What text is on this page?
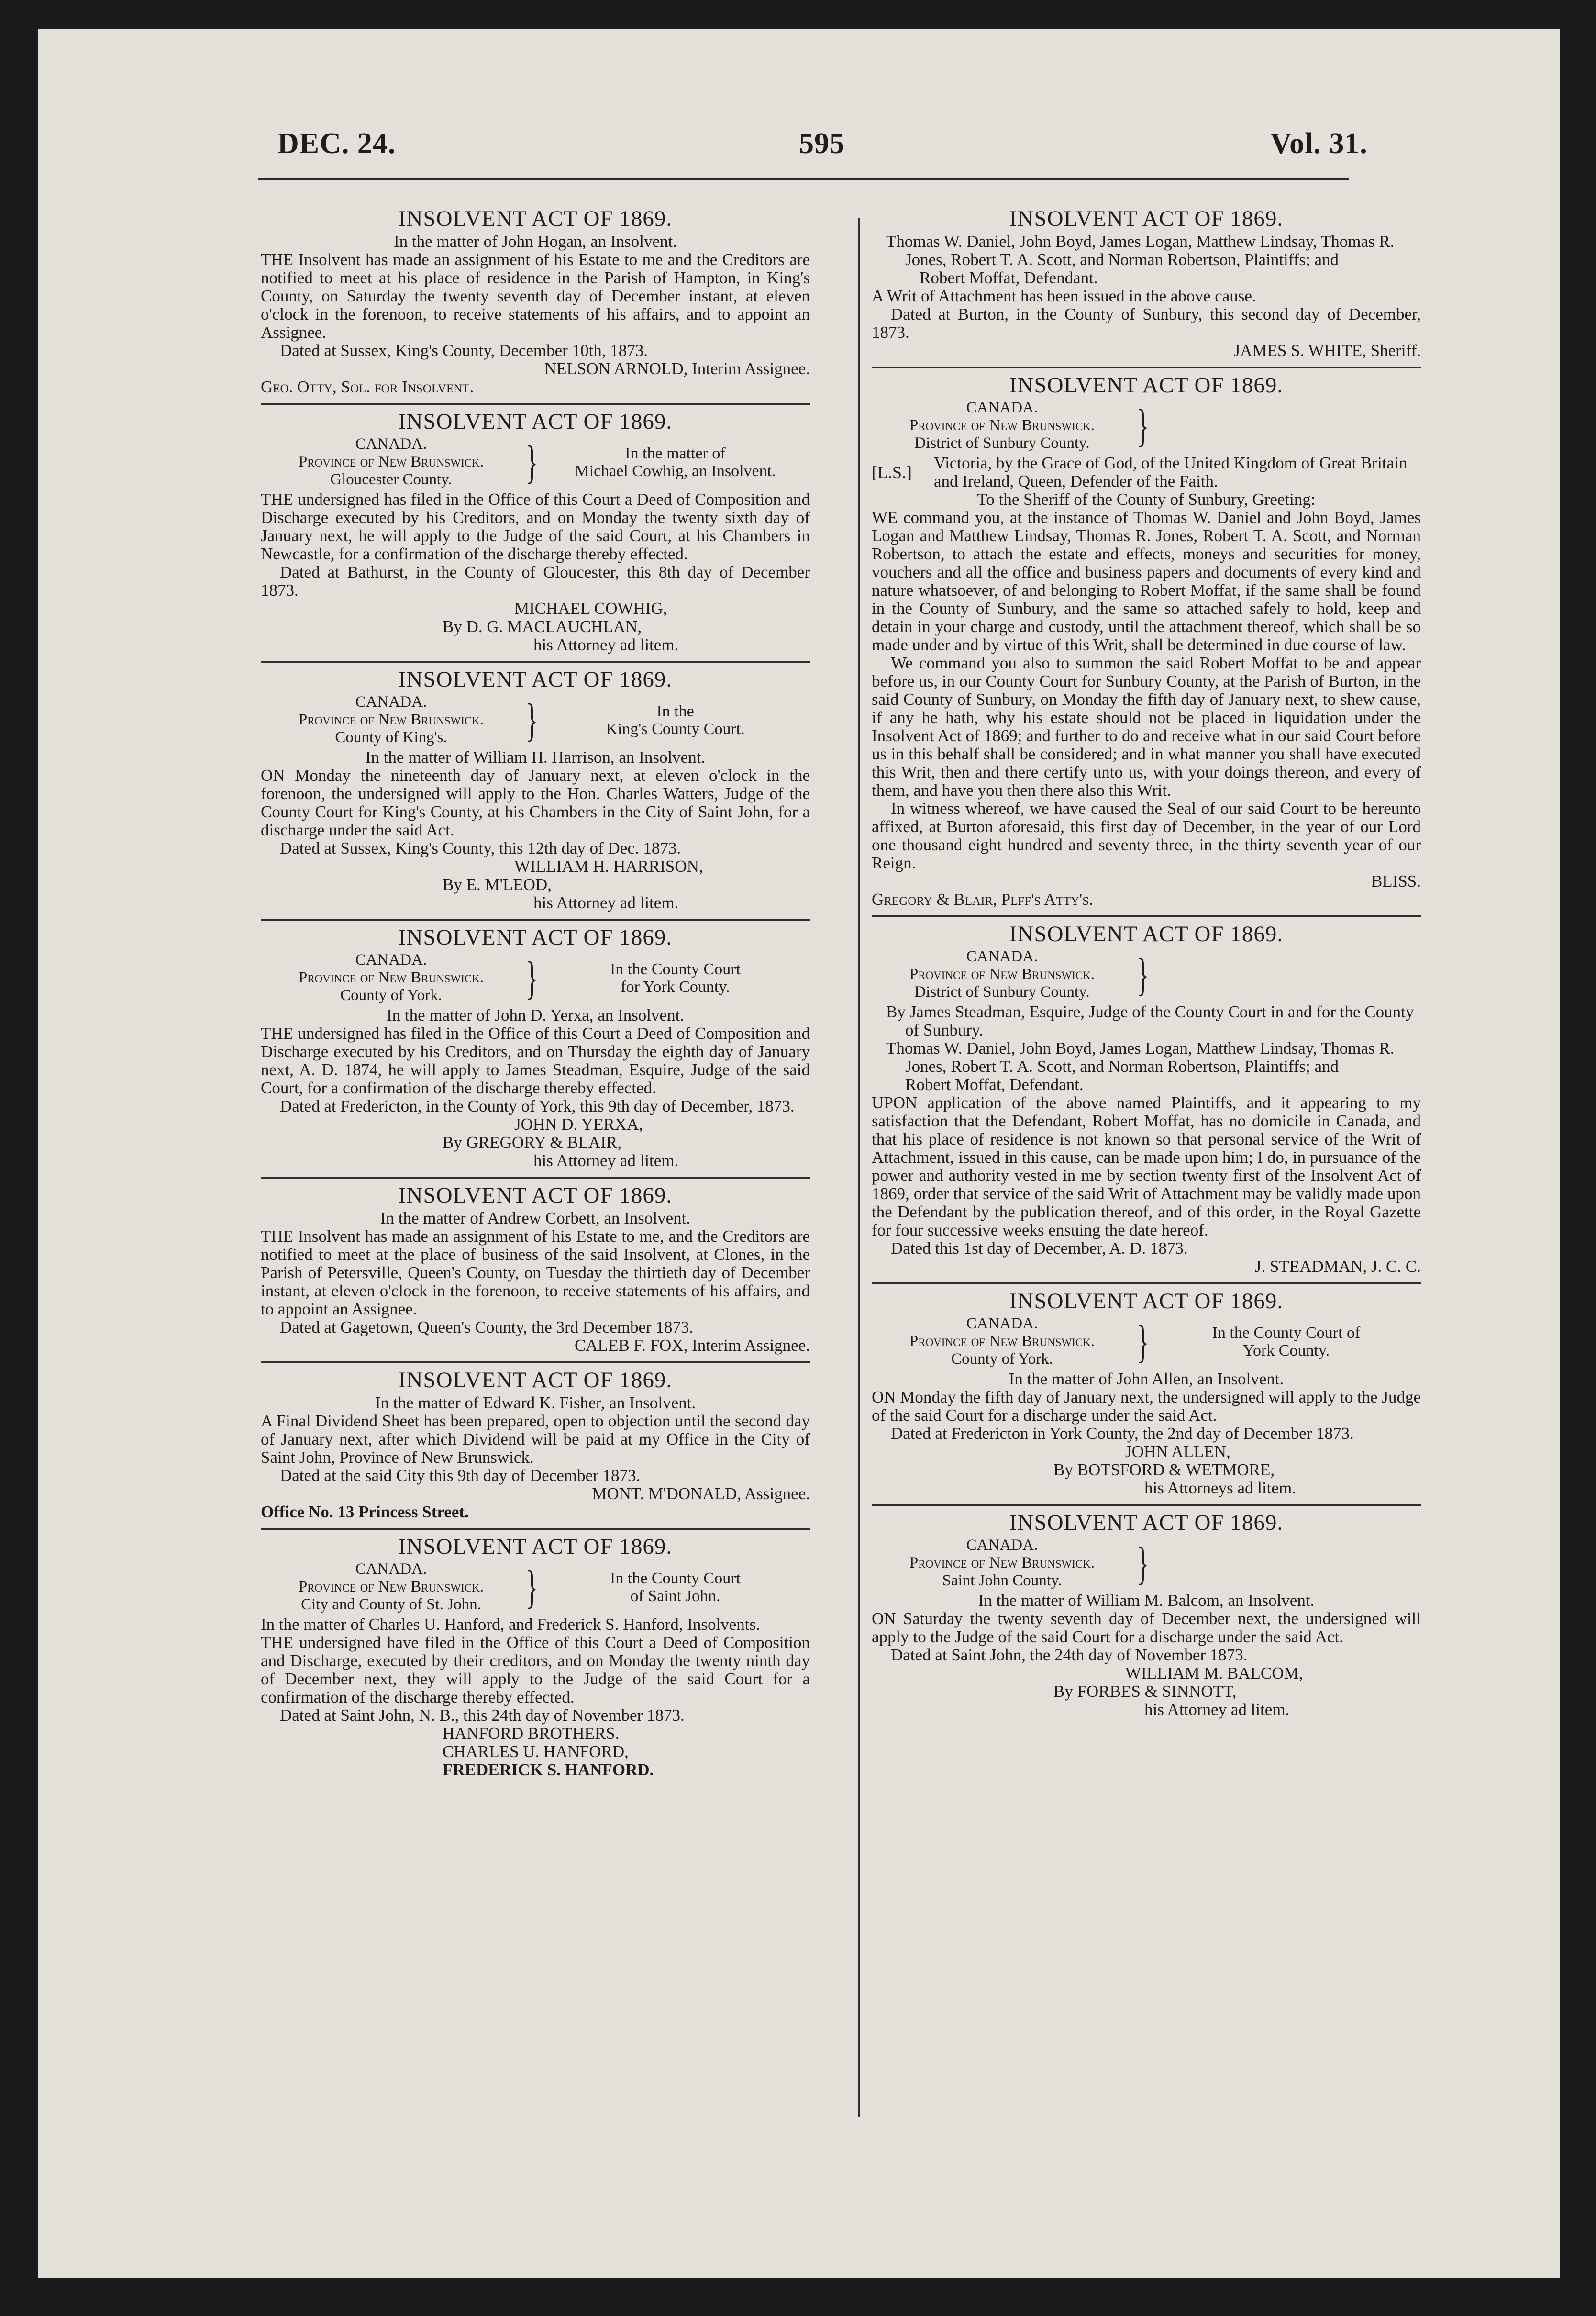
DEC. 24.	595	Vol. 31.
INSOLVENT ACT OF 1869.
In the matter of John Hogan, an Insolvent.
THE Insolvent has made an assignment of his Estate to me and the Creditors are notified to meet at his place of residence in the Parish of Hampton, in King's County, on Saturday the twenty seventh day of December instant, at eleven o'clock in the forenoon, to receive statements of his affairs, and to appoint an Assignee.
Dated at Sussex, King's County, December 10th, 1873.
NELSON ARNOLD, Interim Assignee.
Geo. Otty, Sol. for Insolvent.
INSOLVENT ACT OF 1869.
CANADA.
Province of New Brunswick.
Gloucester County.	}	In the matter of
Michael Cowhig, an Insolvent.
THE undersigned has filed in the Office of this Court a Deed of Composition and Discharge executed by his Creditors, and on Monday the twenty sixth day of January next, he will apply to the Judge of the said Court, at his Chambers in Newcastle, for a confirmation of the discharge thereby effected.
Dated at Bathurst, in the County of Gloucester, this 8th day of December 1873.
MICHAEL COWHIG,
By D. G. MACLAUCHLAN,
his Attorney ad litem.
INSOLVENT ACT OF 1869.
CANADA.
Province of New Brunswick.
County of King's.	}	In the
King's County Court.
In the matter of William H. Harrison, an Insolvent.
ON Monday the nineteenth day of January next, at eleven o'clock in the forenoon, the undersigned will apply to the Hon. Charles Watters, Judge of the County Court for King's County, at his Chambers in the City of Saint John, for a discharge under the said Act.
Dated at Sussex, King's County, this 12th day of Dec. 1873.
WILLIAM H. HARRISON,
By E. M'LEOD,
his Attorney ad litem.
INSOLVENT ACT OF 1869.
CANADA.
Province of New Brunswick.
County of York.	}	In the County Court
for York County.
In the matter of John D. Yerxa, an Insolvent.
THE undersigned has filed in the Office of this Court a Deed of Composition and Discharge executed by his Creditors, and on Thursday the eighth day of January next, A. D. 1874, he will apply to James Steadman, Esquire, Judge of the said Court, for a confirmation of the discharge thereby effected.
Dated at Fredericton, in the County of York, this 9th day of December, 1873.
JOHN D. YERXA,
By GREGORY & BLAIR,
his Attorney ad litem.
INSOLVENT ACT OF 1869.
In the matter of Andrew Corbett, an Insolvent.
THE Insolvent has made an assignment of his Estate to me, and the Creditors are notified to meet at the place of business of the said Insolvent, at Clones, in the Parish of Petersville, Queen's County, on Tuesday the thirtieth day of December instant, at eleven o'clock in the forenoon, to receive statements of his affairs, and to appoint an Assignee.
Dated at Gagetown, Queen's County, the 3rd December 1873.
CALEB F. FOX, Interim Assignee.
INSOLVENT ACT OF 1869.
In the matter of Edward K. Fisher, an Insolvent.
A Final Dividend Sheet has been prepared, open to objection until the second day of January next, after which Dividend will be paid at my Office in the City of Saint John, Province of New Brunswick.
Dated at the said City this 9th day of December 1873.
MONT. M'DONALD, Assignee.
Office No. 13 Princess Street.
INSOLVENT ACT OF 1869.
CANADA.
Province of New Brunswick.
City and County of St. John. }	In the County Court
of Saint John.
In the matter of Charles U. Hanford, and Frederick S. Hanford, Insolvents.
THE undersigned have filed in the Office of this Court a Deed of Composition and Discharge, executed by their creditors, and on Monday the twenty ninth day of December next, they will apply to the Judge of the said Court for a confirmation of the discharge thereby effected.
Dated at Saint John, N. B., this 24th day of November 1873.
HANFORD BROTHERS.
CHARLES U. HANFORD,
FREDERICK S. HANFORD.
INSOLVENT ACT OF 1869.
Thomas W. Daniel, John Boyd, James Logan, Matthew Lindsay, Thomas R. Jones, Robert T. A. Scott, and Norman Robertson, Plaintiffs; and
Robert Moffat, Defendant.
A Writ of Attachment has been issued in the above cause.
Dated at Burton, in the County of Sunbury, this second day of December, 1873.
JAMES S. WHITE, Sheriff.
INSOLVENT ACT OF 1869.
CANADA.
Province of New Brunswick.
District of Sunbury County.	}
[L.S.]	Victoria, by the Grace of God, of the United Kingdom of Great Britain and Ireland, Queen, Defender of the Faith.
To the Sheriff of the County of Sunbury, Greeting:
WE command you, at the instance of Thomas W. Daniel and John Boyd, James Logan and Matthew Lindsay, Thomas R. Jones, Robert T. A. Scott, and Norman Robertson, to attach the estate and effects, moneys and securities for money, vouchers and all the office and business papers and documents of every kind and nature whatsoever, of and belonging to Robert Moffat, if the same shall be found in the County of Sunbury, and the same so attached safely to hold, keep and detain in your charge and custody, until the attachment thereof, which shall be so made under and by virtue of this Writ, shall be determined in due course of law.
We command you also to summon the said Robert Moffat to be and appear before us, in our County Court for Sunbury County, at the Parish of Burton, in the said County of Sunbury, on Monday the fifth day of January next, to shew cause, if any he hath, why his estate should not be placed in liquidation under the Insolvent Act of 1869; and further to do and receive what in our said Court before us in this behalf shall be considered; and in what manner you shall have executed this Writ, then and there certify unto us, with your doings thereon, and every of them, and have you then there also this Writ.
In witness whereof, we have caused the Seal of our said Court to be hereunto affixed, at Burton aforesaid, this first day of December, in the year of our Lord one thousand eight hundred and seventy three, in the thirty seventh year of our Reign.
BLISS.
Gregory & Blair, Plff's Atty's.
INSOLVENT ACT OF 1869.
CANADA.
Province of New Brunswick.
District of Sunbury County.	}
By James Steadman, Esquire, Judge of the County Court in and for the County of Sunbury.
Thomas W. Daniel, John Boyd, James Logan, Matthew Lindsay, Thomas R. Jones, Robert T. A. Scott, and Norman Robertson, Plaintiffs; and
Robert Moffat, Defendant.
UPON application of the above named Plaintiffs, and it appearing to my satisfaction that the Defendant, Robert Moffat, has no domicile in Canada, and that his place of residence is not known so that personal service of the Writ of Attachment, issued in this cause, can be made upon him; I do, in pursuance of the power and authority vested in me by section twenty first of the Insolvent Act of 1869, order that service of the said Writ of Attachment may be validly made upon the Defendant by the publication thereof, and of this order, in the Royal Gazette for four successive weeks ensuing the date hereof.
Dated this 1st day of December, A. D. 1873.
J. STEADMAN, J. C. C.
INSOLVENT ACT OF 1869.
CANADA.
Province of New Brunswick.
County of York.	}	In the County Court of
York County.
In the matter of John Allen, an Insolvent.
ON Monday the fifth day of January next, the undersigned will apply to the Judge of the said Court for a discharge under the said Act.
Dated at Fredericton in York County, the 2nd day of December 1873.
JOHN ALLEN,
By BOTSFORD & WETMORE,
his Attorneys ad litem.
INSOLVENT ACT OF 1869.
CANADA.
Province of New Brunswick.
Saint John County.	}
In the matter of William M. Balcom, an Insolvent.
ON Saturday the twenty seventh day of December next, the undersigned will apply to the Judge of the said Court for a discharge under the said Act.
Dated at Saint John, the 24th day of November 1873.
WILLIAM M. BALCOM,
By FORBES & SINNOTT,
his Attorney ad litem.
